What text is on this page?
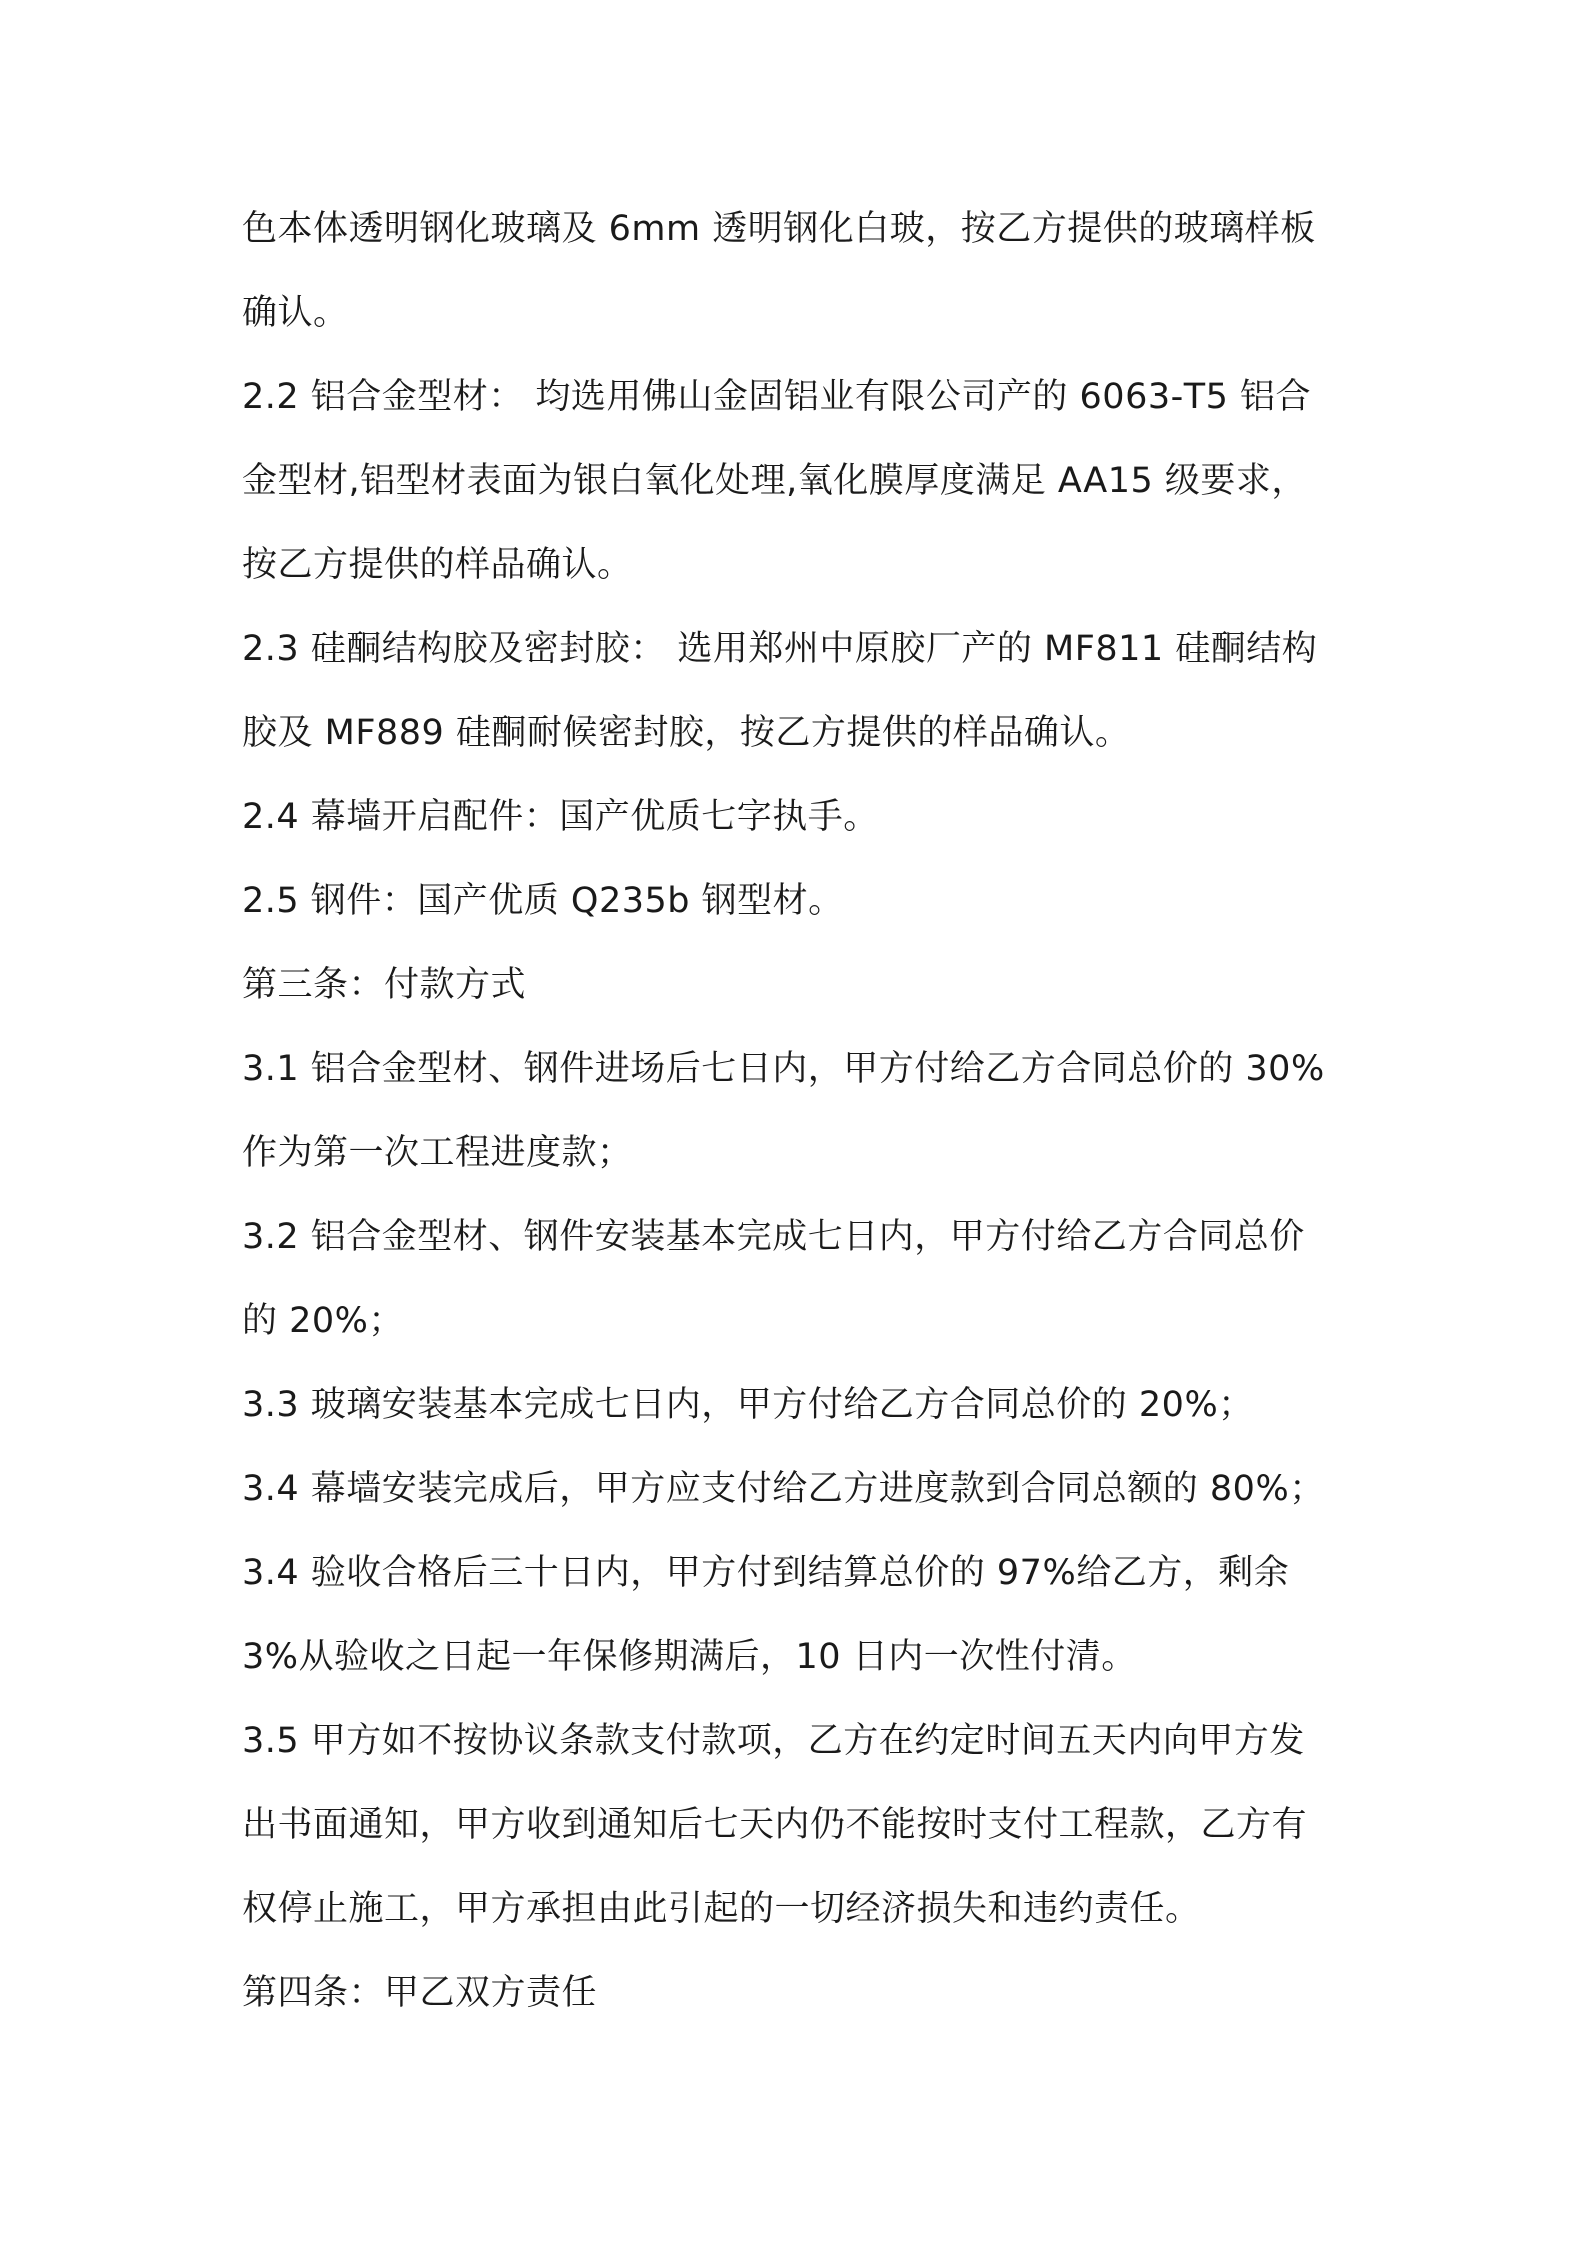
色本体透明钢化玻璃及 6mm 透明钢化白玻，按乙方提供的玻璃样板
确认。
2.2 铝合金型材： 均选用佛山金固铝业有限公司产的 6063-T5 铝合
金型材,铝型材表面为银白氧化处理,氧化膜厚度满足 AA15 级要求，
按乙方提供的样品确认。
2.3 硅酮结构胶及密封胶： 选用郑州中原胶厂产的 MF811 硅酮结构
胶及 MF889 硅酮耐候密封胶，按乙方提供的样品确认。
2.4 幕墙开启配件：国产优质七字执手。
2.5 钢件：国产优质 Q235b 钢型材。
第三条：付款方式
3.1 铝合金型材、钢件进场后七日内，甲方付给乙方合同总价的 30%
作为第一次工程进度款；
3.2 铝合金型材、钢件安装基本完成七日内，甲方付给乙方合同总价
的 20%；
3.3 玻璃安装基本完成七日内，甲方付给乙方合同总价的 20%；
3.4 幕墙安装完成后，甲方应支付给乙方进度款到合同总额的 80%；
3.4 验收合格后三十日内，甲方付到结算总价的 97%给乙方，剩余
3%从验收之日起一年保修期满后，10 日内一次性付清。
3.5 甲方如不按协议条款支付款项，乙方在约定时间五天内向甲方发
出书面通知，甲方收到通知后七天内仍不能按时支付工程款，乙方有
权停止施工，甲方承担由此引起的一切经济损失和违约责任。
第四条：甲乙双方责任
